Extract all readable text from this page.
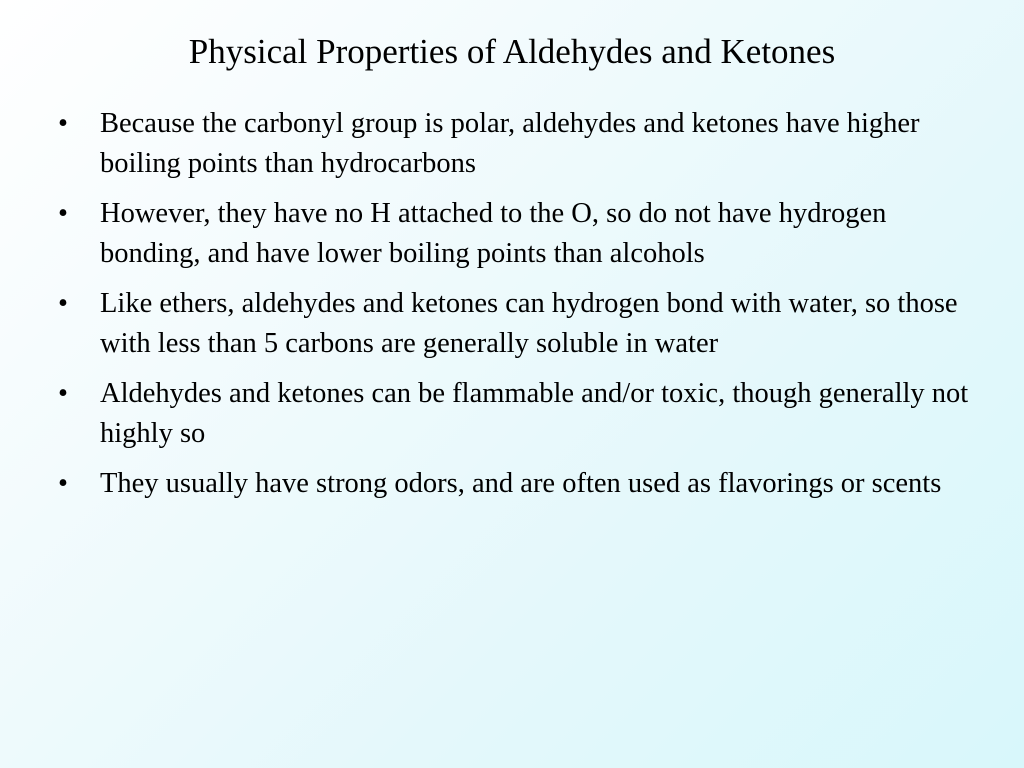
Physical Properties of Aldehydes and Ketones
•	Because the carbonyl group is polar, aldehydes and ketones have higher boiling points than hydrocarbons
•	However, they have no H attached to the O, so do not have hydrogen bonding, and have lower boiling points than alcohols
•	Like ethers, aldehydes and ketones can hydrogen bond with water, so those with less than 5 carbons are generally soluble in water
•	Aldehydes and ketones can be flammable and/or toxic, though generally not highly so
•	They usually have strong odors, and are often used as flavorings or scents
